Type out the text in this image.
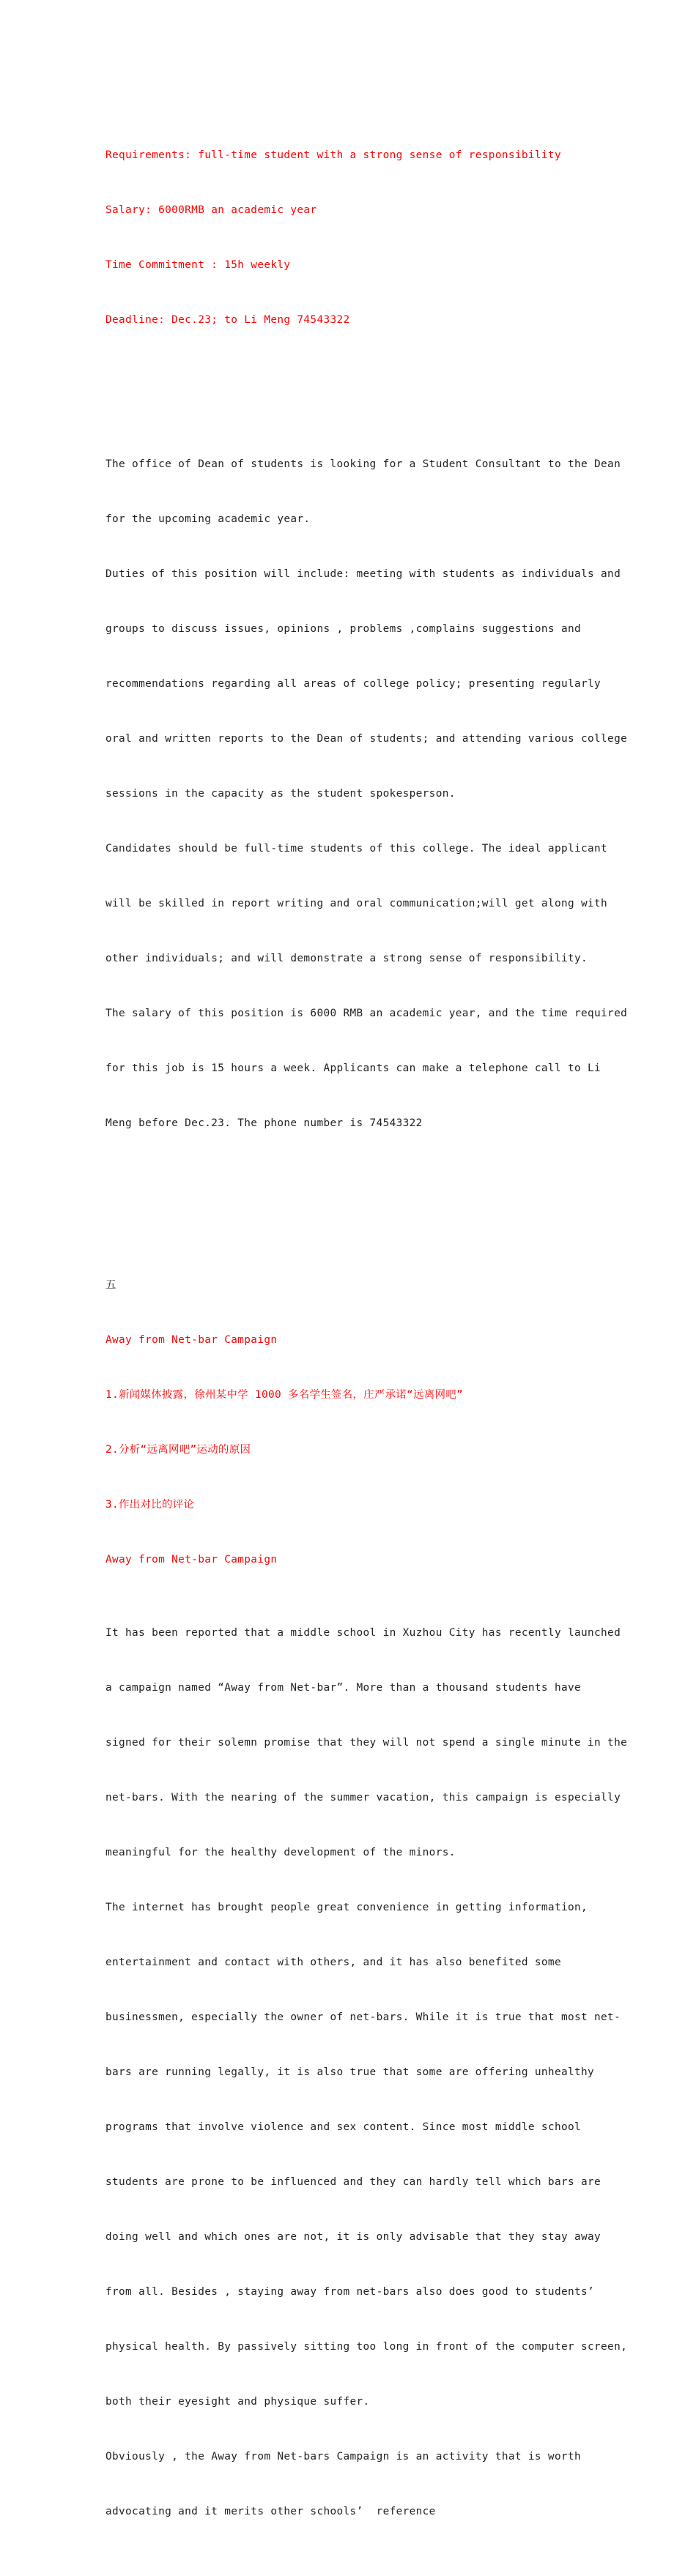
Requirements: full-time student with a strong sense of responsibility

Salary: 6000RMB an academic year

Time Commitment : 15h weekly

Deadline: Dec.23; to Li Meng 74543322

The office of Dean of students is looking for a Student Consultant to the Dean

for the upcoming academic year.

Duties of this position will include: meeting with students as individuals and

groups to discuss issues, opinions , problems ,complains suggestions and

recommendations regarding all areas of college policy; presenting regularly

oral and written reports to the Dean of students; and attending various college

sessions in the capacity as the student spokesperson.

Candidates should be full-time students of this college. The ideal applicant

will be skilled in report writing and oral communication;will get along with

other individuals; and will demonstrate a strong sense of responsibility.

The salary of this position is 6000 RMB an academic year, and the time required

for this job is 15 hours a week. Applicants can make a telephone call to Li

Meng before Dec.23. The phone number is 74543322

五

Away from Net-bar Campaign

1.新闻媒体披露，徐州某中学 1000 多名学生签名，庄严承诺“远离网吧”

2.分析“远离网吧”运动的原因

3.作出对比的评论

Away from Net-bar Campaign

It has been reported that a middle school in Xuzhou City has recently launched

a campaign named “Away from Net-bar”. More than a thousand students have

signed for their solemn promise that they will not spend a single minute in the

net-bars. With the nearing of the summer vacation, this campaign is especially

meaningful for the healthy development of the minors.

The internet has brought people great convenience in getting information,

entertainment and contact with others, and it has also benefited some

businessmen, especially the owner of net-bars. While it is true that most net-

bars are running legally, it is also true that some are offering unhealthy

programs that involve violence and sex content. Since most middle school

students are prone to be influenced and they can hardly tell which bars are

doing well and which ones are not, it is only advisable that they stay away

from all. Besides , staying away from net-bars also does good to students’

physical health. By passively sitting too long in front of the computer screen,

both their eyesight and physique suffer.

Obviously , the Away from Net-bars Campaign is an activity that is worth

advocating and it merits other schools’  reference
